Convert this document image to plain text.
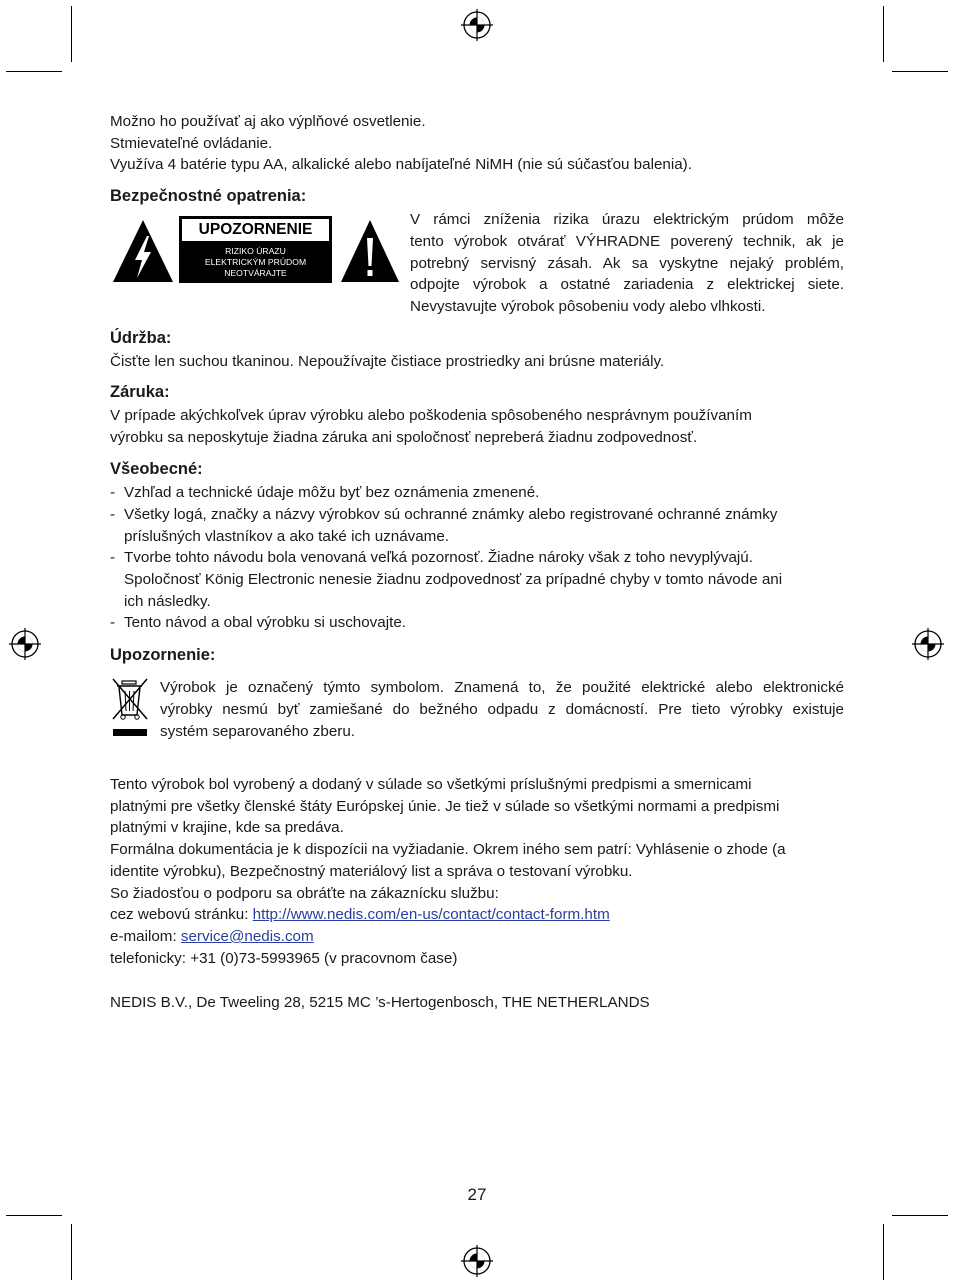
Možno ho používať aj ako výplňové osvetlenie.
Stmievateľné ovládanie.
Využíva 4 batérie typu AA, alkalické alebo nabíjateľné NiMH (nie sú súčasťou balenia).
Bezpečnostné opatrenia:
UPOZORNENIE
RIZIKO ÚRAZU
ELEKTRICKÝM PRÚDOM
NEOTVÁRAJTE
V rámci zníženia rizika úrazu elektrickým prúdom môže
tento výrobok otvárať VÝHRADNE poverený technik, ak je
potrebný servisný zásah. Ak sa vyskytne nejaký problém,
odpojte výrobok a ostatné zariadenia z elektrickej siete.
Nevystavujte výrobok pôsobeniu vody alebo vlhkosti.
Údržba:
Čisťte len suchou tkaninou. Nepoužívajte čistiace prostriedky ani brúsne materiály.
Záruka:
V prípade akýchkoľvek úprav výrobku alebo poškodenia spôsobeného nesprávnym používaním
výrobku sa neposkytuje žiadna záruka ani spoločnosť nepreberá žiadnu zodpovednosť.
Všeobecné:
- Vzhľad a technické údaje môžu byť bez oznámenia zmenené.
- Všetky logá, značky a názvy výrobkov sú ochranné známky alebo registrované ochranné známky
príslušných vlastníkov a ako také ich uznávame.
- Tvorbe tohto návodu bola venovaná veľká pozornosť. Žiadne nároky však z toho nevyplývajú.
Spoločnosť König Electronic nenesie žiadnu zodpovednosť za prípadné chyby v tomto návode ani
ich následky.
- Tento návod a obal výrobku si uschovajte.
Upozornenie:
Výrobok je označený týmto symbolom. Znamená to, že použité elektrické alebo elektronické
výrobky nesmú byť zamiešané do bežného odpadu z domácností. Pre tieto výrobky existuje
systém separovaného zberu.
Tento výrobok bol vyrobený a dodaný v súlade so všetkými príslušnými predpismi a smernicami
platnými pre všetky členské štáty Európskej únie. Je tiež v súlade so všetkými normami a predpismi
platnými v krajine, kde sa predáva.
Formálna dokumentácia je k dispozícii na vyžiadanie. Okrem iného sem patrí: Vyhlásenie o zhode (a
identite výrobku), Bezpečnostný materiálový list a správa o testovaní výrobku.
So žiadosťou o podporu sa obráťte na zákaznícku službu:
cez webovú stránku: http://www.nedis.com/en-us/contact/contact-form.htm
e-mailom: service@nedis.com
telefonicky: +31 (0)73-5993965 (v pracovnom čase)
NEDIS B.V., De Tweeling 28, 5215 MC ’s-Hertogenbosch, THE NETHERLANDS
27
